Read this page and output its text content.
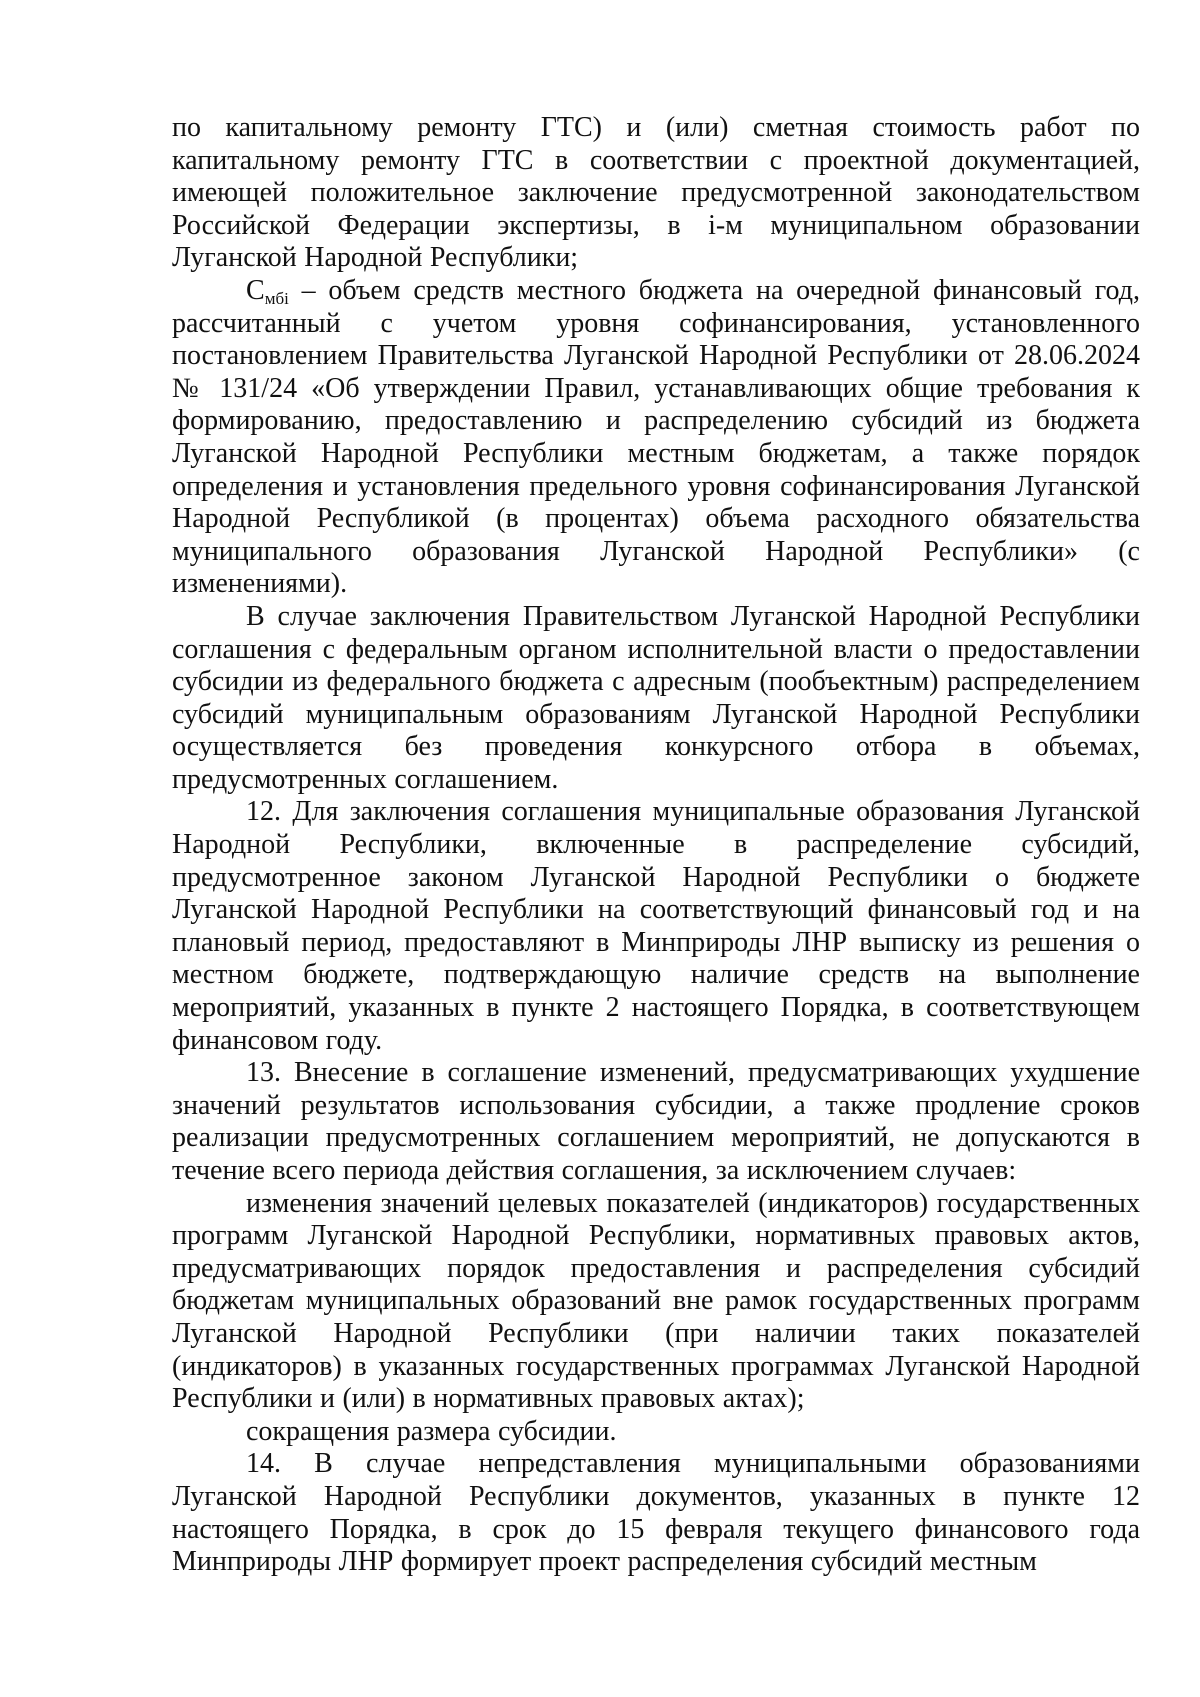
по капитальному ремонту ГТС) и (или) сметная стоимость работ по капитальному ремонту ГТС в соответствии с проектной документацией, имеющей положительное заключение предусмотренной законодательством Российской Федерации экспертизы, в i-м муниципальном образовании Луганской Народной Республики;

$С_{мбi}$ – объем средств местного бюджета на очередной финансовый год, рассчитанный с учетом уровня софинансирования, установленного постановлением Правительства Луганской Народной Республики от 28.06.2024 № 131/24 «Об утверждении Правил, устанавливающих общие требования к формированию, предоставлению и распределению субсидий из бюджета Луганской Народной Республики местным бюджетам, а также порядок определения и установления предельного уровня софинансирования Луганской Народной Республикой (в процентах) объема расходного обязательства муниципального образования Луганской Народной Республики» (с изменениями).

В случае заключения Правительством Луганской Народной Республики соглашения с федеральным органом исполнительной власти о предоставлении субсидии из федерального бюджета с адресным (пообъектным) распределением субсидий муниципальным образованиям Луганской Народной Республики осуществляется без проведения конкурсного отбора в объемах, предусмотренных соглашением.

12. Для заключения соглашения муниципальные образования Луганской Народной Республики, включенные в распределение субсидий, предусмотренное законом Луганской Народной Республики о бюджете Луганской Народной Республики на соответствующий финансовый год и на плановый период, предоставляют в Минприроды ЛНР выписку из решения о местном бюджете, подтверждающую наличие средств на выполнение мероприятий, указанных в пункте 2 настоящего Порядка, в соответствующем финансовом году.

13. Внесение в соглашение изменений, предусматривающих ухудшение значений результатов использования субсидии, а также продление сроков реализации предусмотренных соглашением мероприятий, не допускаются в течение всего периода действия соглашения, за исключением случаев:

изменения значений целевых показателей (индикаторов) государственных программ Луганской Народной Республики, нормативных правовых актов, предусматривающих порядок предоставления и распределения субсидий бюджетам муниципальных образований вне рамок государственных программ Луганской Народной Республики (при наличии таких показателей (индикаторов) в указанных государственных программах Луганской Народной Республики и (или) в нормативных правовых актах);

сокращения размера субсидии.

14. В случае непредставления муниципальными образованиями Луганской Народной Республики документов, указанных в пункте 12 настоящего Порядка, в срок до 15 февраля текущего финансового года Минприроды ЛНР формирует проект распределения субсидий местным
